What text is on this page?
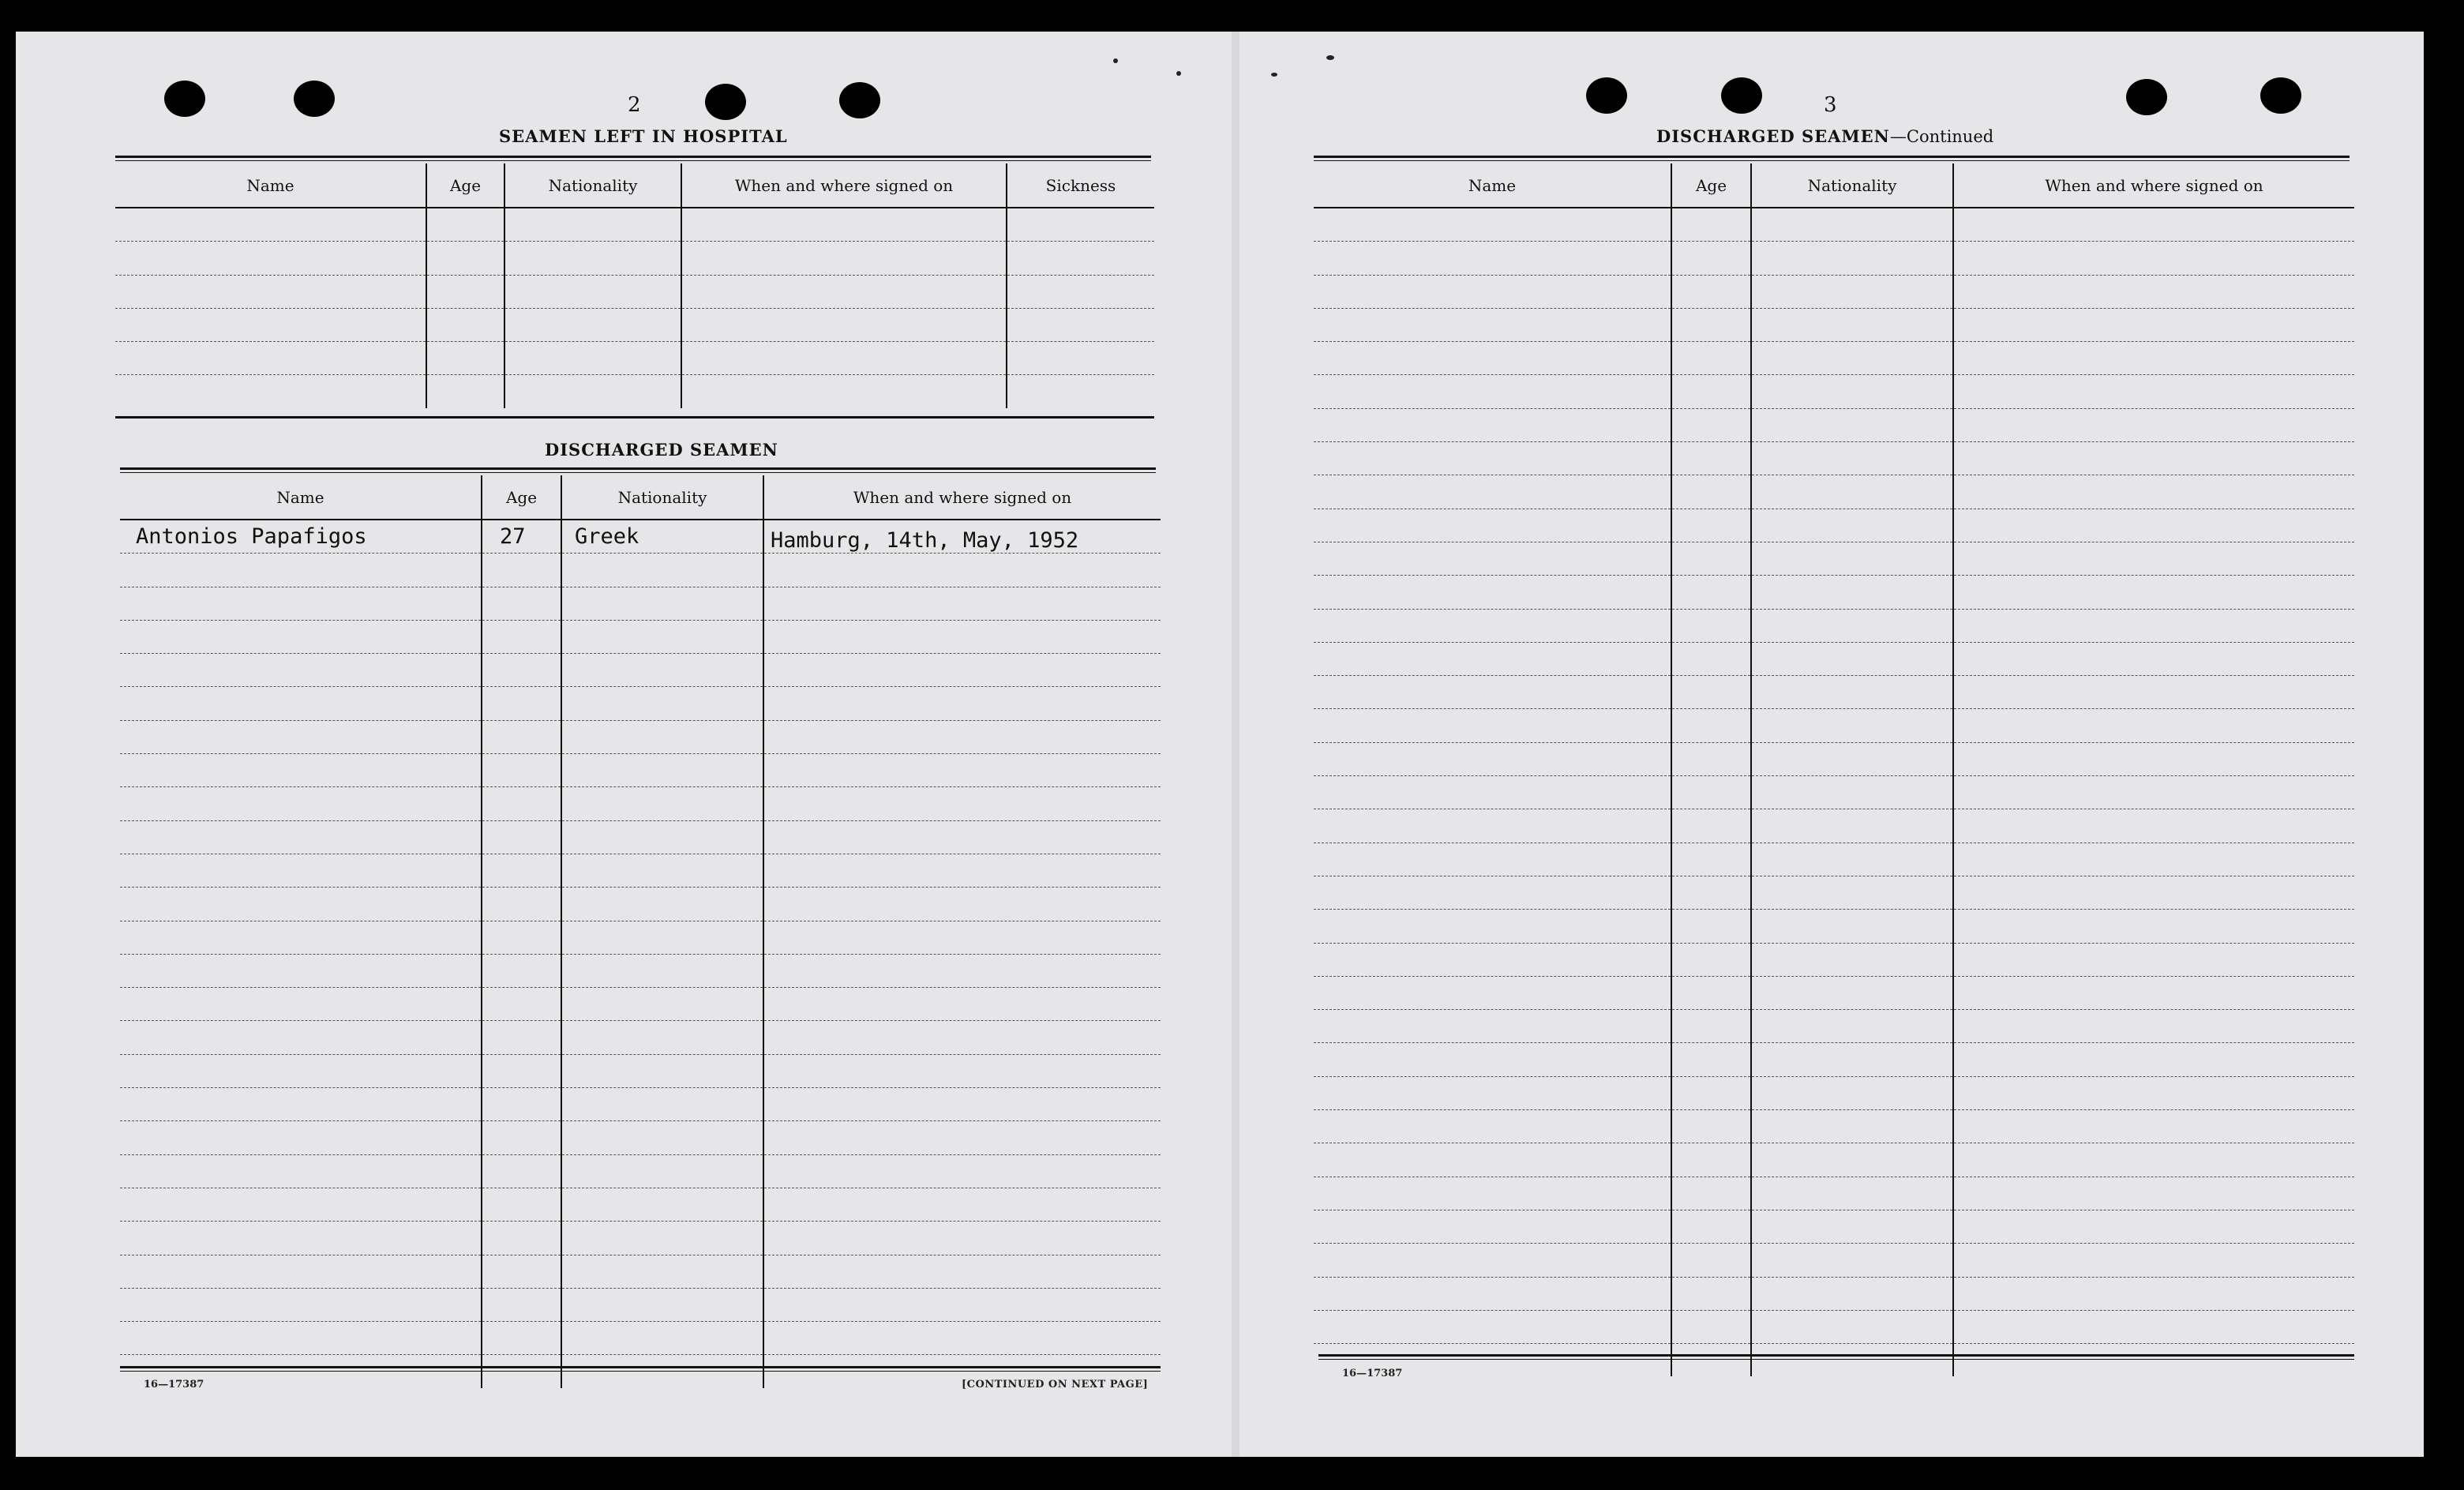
2
SEAMEN LEFT IN HOSPITAL
Name	Age	Nationality	When and where signed on	Sickness

DISCHARGED SEAMEN
Name	Age	Nationality	When and where signed on
Antonios Papafigos	27	Greek	Hamburg, 14th, May, 1952

16—17387	[CONTINUED ON NEXT PAGE]
3
DISCHARGED SEAMEN—Continued
Name	Age	Nationality	When and where signed on

16—17387
